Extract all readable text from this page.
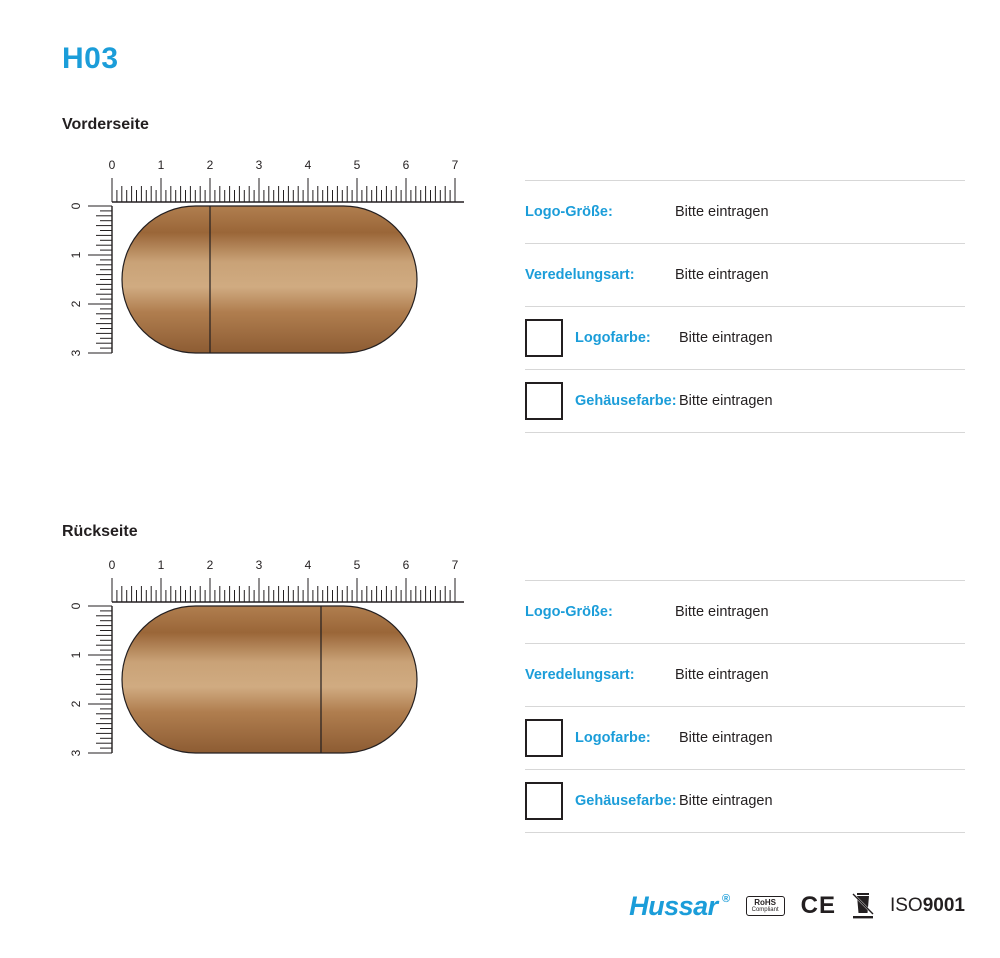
H03
Vorderseite
0	1	2	3	4	5	6	7
0
1
2
3
Logo-Größe:	Bitte eintragen
Veredelungsart:	Bitte eintragen
Logofarbe:	Bitte eintragen
Gehäusefarbe: Bitte eintragen
Rückseite
0	1	2	3	4	5	6	7
0
1
2
3
Logo-Größe:	Bitte eintragen
Veredelungsart:	Bitte eintragen
Logofarbe:	Bitte eintragen
Gehäusefarbe: Bitte eintragen
Hussar ®	RoHS
Compliant CE	ISO9001
